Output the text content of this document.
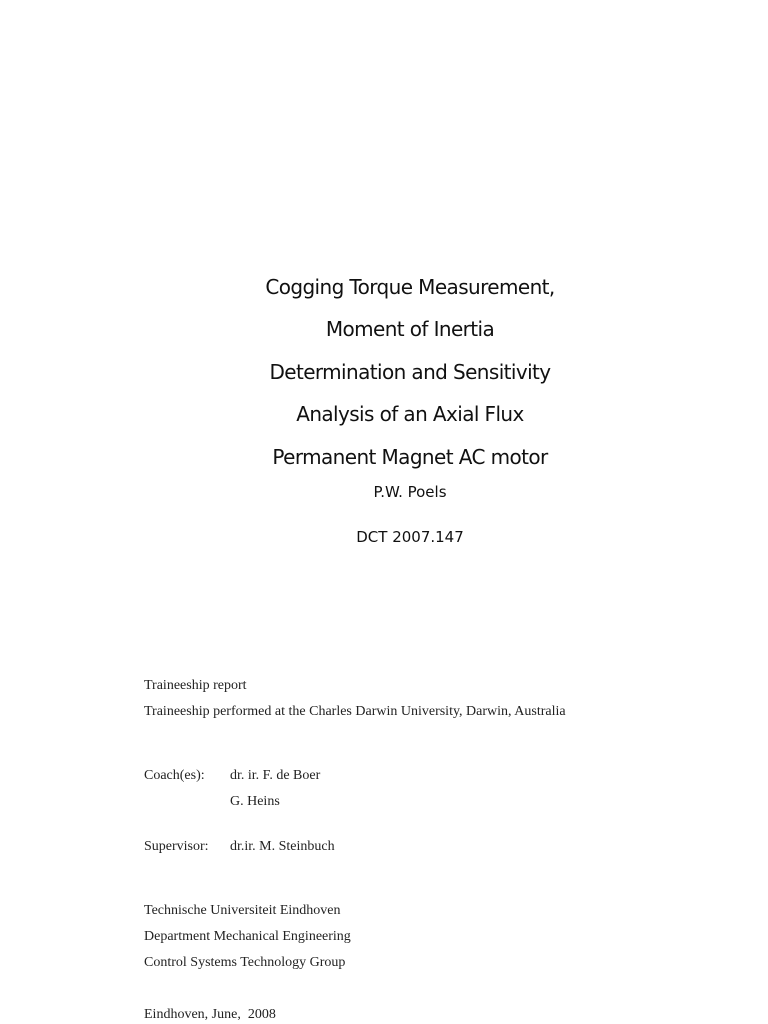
Cogging Torque Measurement,
Moment of Inertia
Determination and Sensitivity
Analysis of an Axial Flux
Permanent Magnet AC motor
P.W. Poels
DCT 2007.147
Traineeship report
Traineeship performed at the Charles Darwin University, Darwin, Australia
Coach(es): dr. ir. F. de Boer
G. Heins
Supervisor: dr.ir. M. Steinbuch
Technische Universiteit Eindhoven
Department Mechanical Engineering
Control Systems Technology Group
Eindhoven, June,  2008
